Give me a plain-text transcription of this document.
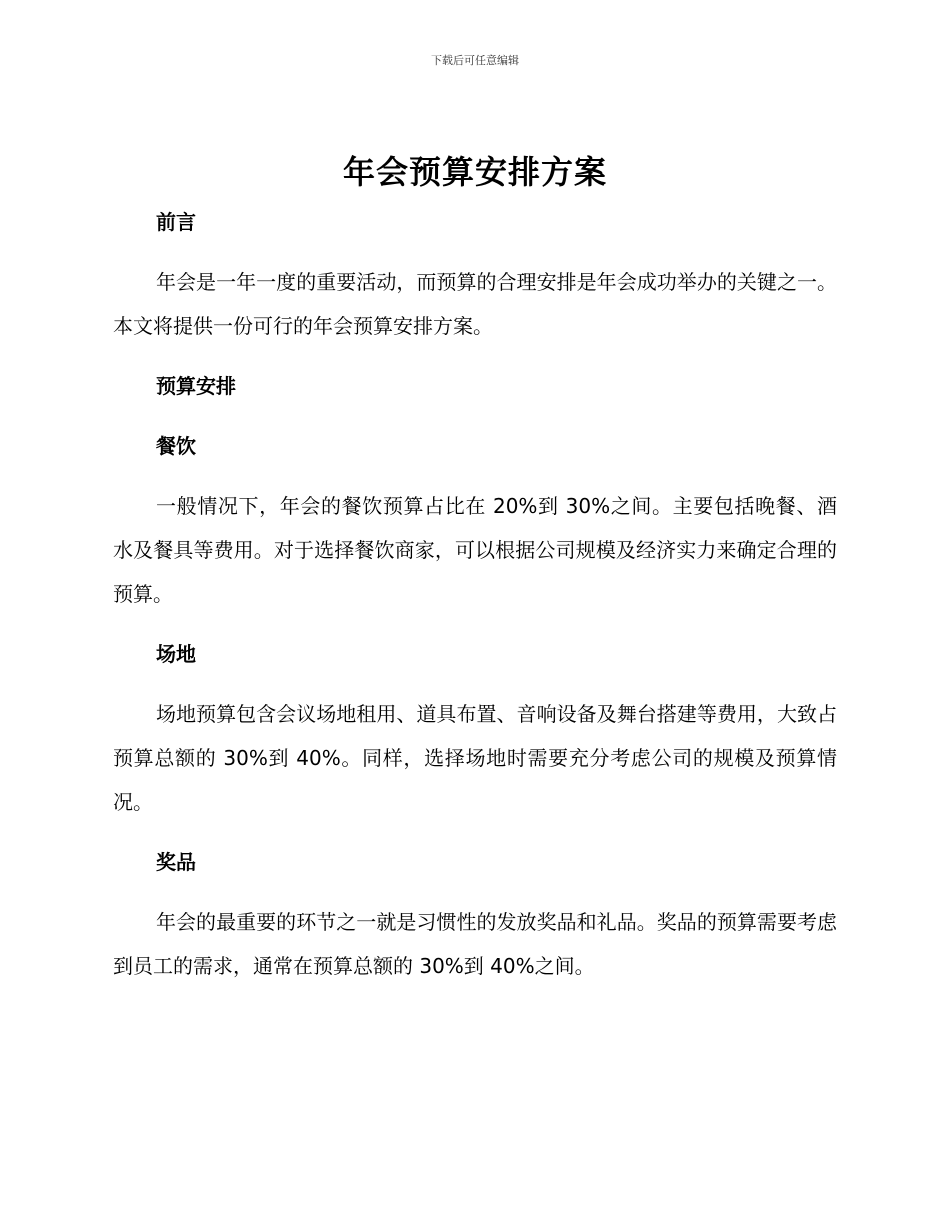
下载后可任意编辑
年会预算安排方案
前言

年会是一年一度的重要活动，而预算的合理安排是年会成功举办的关键之一。本文将提供一份可行的年会预算安排方案。

预算安排
餐饮

一般情况下，年会的餐饮预算占比在 20%到 30%之间。主要包括晚餐、酒水及餐具等费用。对于选择餐饮商家，可以根据公司规模及经济实力来确定合理的预算。

场地

场地预算包含会议场地租用、道具布置、音响设备及舞台搭建等费用，大致占预算总额的 30%到 40%。同样，选择场地时需要充分考虑公司的规模及预算情况。

奖品

年会的最重要的环节之一就是习惯性的发放奖品和礼品。奖品的预算需要考虑到员工的需求，通常在预算总额的 30%到 40%之间。
